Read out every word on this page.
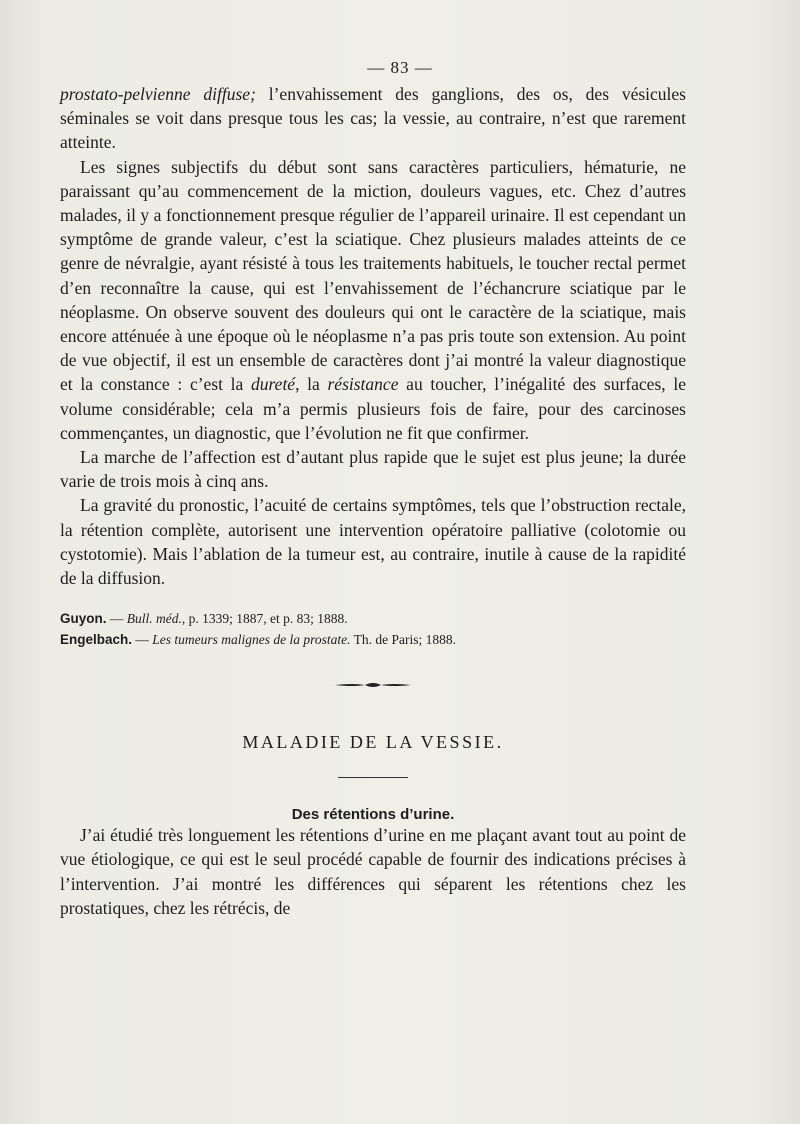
— 83 —

prostato-pelvienne diffuse; l’envahissement des ganglions, des os, des vésicules séminales se voit dans presque tous les cas; la vessie, au contraire, n’est que rarement atteinte.

Les signes subjectifs du début sont sans caractères particuliers, hématurie, ne paraissant qu’au commencement de la miction, douleurs vagues, etc. Chez d’autres malades, il y a fonctionnement presque régulier de l’appareil urinaire. Il est cependant un symptôme de grande valeur, c’est la sciatique. Chez plusieurs malades atteints de ce genre de névralgie, ayant résisté à tous les traitements habituels, le toucher rectal permet d’en reconnaître la cause, qui est l’envahissement de l’échancrure sciatique par le néoplasme. On observe souvent des douleurs qui ont le caractère de la sciatique, mais encore atténuée à une époque où le néoplasme n’a pas pris toute son extension. Au point de vue objectif, il est un ensemble de caractères dont j’ai montré la valeur diagnostique et la constance : c’est la dureté, la résistance au toucher, l’inégalité des surfaces, le volume considérable; cela m’a permis plusieurs fois de faire, pour des carcinoses commençantes, un diagnostic, que l’évolution ne fit que confirmer.

La marche de l’affection est d’autant plus rapide que le sujet est plus jeune; la durée varie de trois mois à cinq ans.

La gravité du pronostic, l’acuité de certains symptômes, tels que l’obstruction rectale, la rétention complète, autorisent une intervention opératoire palliative (colotomie ou cystotomie). Mais l’ablation de la tumeur est, au contraire, inutile à cause de la rapidité de la diffusion.

Guyon. — Bull. méd., p. 1339; 1887, et p. 83; 1888.
Engelbach. — Les tumeurs malignes de la prostate. Th. de Paris; 1888.
MALADIE DE LA VESSIE.
Des rétentions d’urine.

J’ai étudié très longuement les rétentions d’urine en me plaçant avant tout au point de vue étiologique, ce qui est le seul procédé capable de fournir des indications précises à l’intervention. J’ai montré les différences qui séparent les rétentions chez les prostatiques, chez les rétrécis, de
